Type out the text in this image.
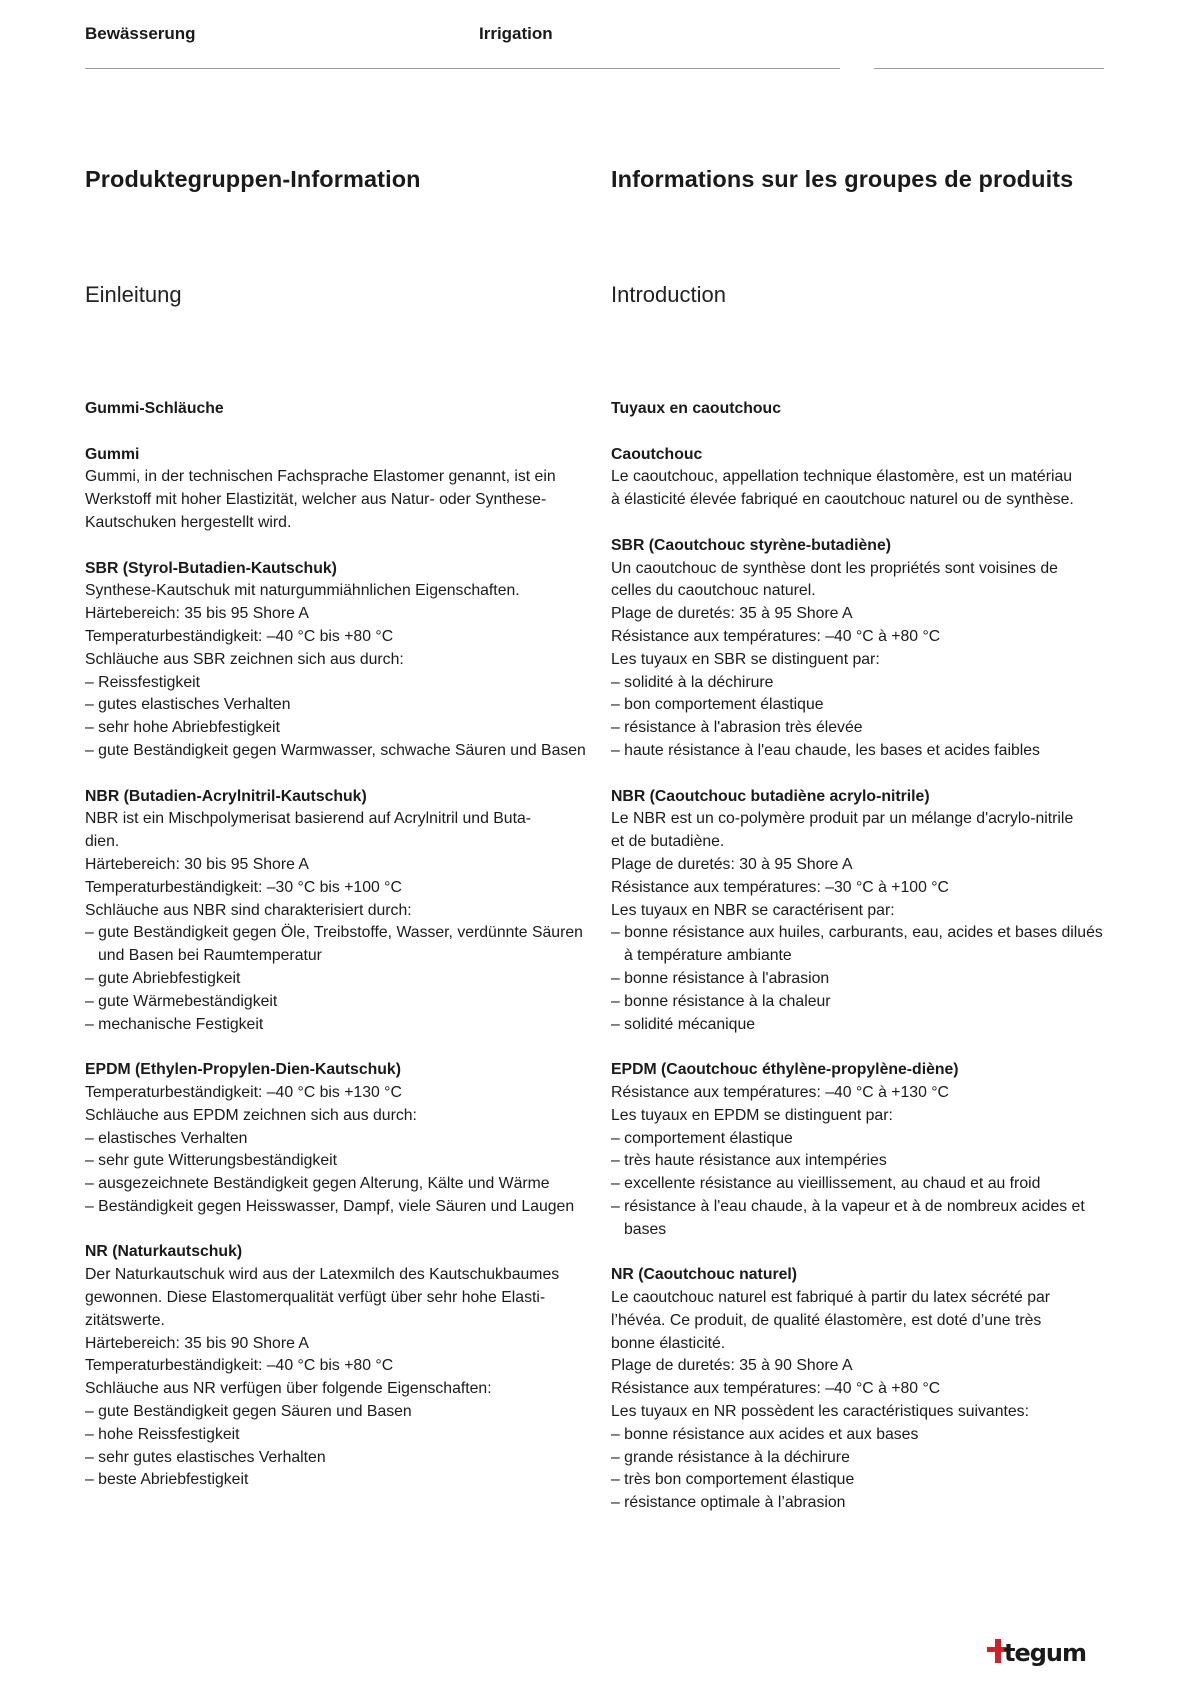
Bewässerung	Irrigation
Produktegruppen-Information	Informations sur les groupes de produits
Einleitung	Introduction
Gummi-Schläuche
Gummi
Gummi, in der technischen Fachsprache Elastomer genannt, ist ein
Werkstoff mit hoher Elastizität, welcher aus Natur- oder Synthese-
Kautschuken hergestellt wird.
SBR (Styrol-Butadien-Kautschuk)
Synthese-Kautschuk mit naturgummiähnlichen Eigenschaften.
Härtebereich: 35 bis 95 Shore A
Temperaturbeständigkeit: –40 °C bis +80 °C
Schläuche aus SBR zeichnen sich aus durch:
– Reissfestigkeit
– gutes elastisches Verhalten
– sehr hohe Abriebfestigkeit
– gute Beständigkeit gegen Warmwasser, schwache Säuren und Basen
NBR (Butadien-Acrylnitril-Kautschuk)
NBR ist ein Mischpolymerisat basierend auf Acrylnitril und Buta-
dien.
Härtebereich: 30 bis 95 Shore A
Temperaturbeständigkeit: –30 °C bis +100 °C
Schläuche aus NBR sind charakterisiert durch:
– gute Beständigkeit gegen Öle, Treibstoffe, Wasser, verdünnte Säuren und Basen bei Raumtemperatur
– gute Abriebfestigkeit
– gute Wärmebeständigkeit
– mechanische Festigkeit
EPDM (Ethylen-Propylen-Dien-Kautschuk)
Temperaturbeständigkeit: –40 °C bis +130 °C
Schläuche aus EPDM zeichnen sich aus durch:
– elastisches Verhalten
– sehr gute Witterungsbeständigkeit
– ausgezeichnete Beständigkeit gegen Alterung, Kälte und Wärme
– Beständigkeit gegen Heisswasser, Dampf, viele Säuren und Laugen
NR (Naturkautschuk)
Der Naturkautschuk wird aus der Latexmilch des Kautschukbaumes
gewonnen. Diese Elastomerqualität verfügt über sehr hohe Elasti-
zitätswerte.
Härtebereich: 35 bis 90 Shore A
Temperaturbeständigkeit: –40 °C bis +80 °C
Schläuche aus NR verfügen über folgende Eigenschaften:
– gute Beständigkeit gegen Säuren und Basen
– hohe Reissfestigkeit
– sehr gutes elastisches Verhalten
– beste Abriebfestigkeit
Tuyaux en caoutchouc
Caoutchouc
Le caoutchouc, appellation technique élastomère, est un matériau
à élasticité élevée fabriqué en caoutchouc naturel ou de synthèse.
SBR (Caoutchouc styrène-butadiène)
Un caoutchouc de synthèse dont les propriétés sont voisines de
celles du caoutchouc naturel.
Plage de duretés: 35 à 95 Shore A
Résistance aux températures: –40 °C à +80 °C
Les tuyaux en SBR se distinguent par:
– solidité à la déchirure
– bon comportement élastique
– résistance à l'abrasion très élevée
– haute résistance à l'eau chaude, les bases et acides faibles
NBR (Caoutchouc butadiène acrylo-nitrile)
Le NBR est un co-polymère produit par un mélange d'acrylo-nitrile
et de butadiène.
Plage de duretés: 30 à 95 Shore A
Résistance aux températures: –30 °C à +100 °C
Les tuyaux en NBR se caractérisent par:
– bonne résistance aux huiles, carburants, eau, acides et bases dilués à température ambiante
– bonne résistance à l'abrasion
– bonne résistance à la chaleur
– solidité mécanique
EPDM (Caoutchouc éthylène-propylène-diène)
Résistance aux températures: –40 °C à +130 °C
Les tuyaux en EPDM se distinguent par:
– comportement élastique
– très haute résistance aux intempéries
– excellente résistance au vieillissement, au chaud et au froid
– résistance à l'eau chaude, à la vapeur et à de nombreux acides et bases
NR (Caoutchouc naturel)
Le caoutchouc naturel est fabriqué à partir du latex sécrété par
l’hévéa. Ce produit, de qualité élastomère, est doté d’une très
bonne élasticité.
Plage de duretés: 35 à 90 Shore A
Résistance aux températures: –40 °C à +80 °C
Les tuyaux en NR possèdent les caractéristiques suivantes:
– bonne résistance aux acides et aux bases
– grande résistance à la déchirure
– très bon comportement élastique
– résistance optimale à l’abrasion
tegum
